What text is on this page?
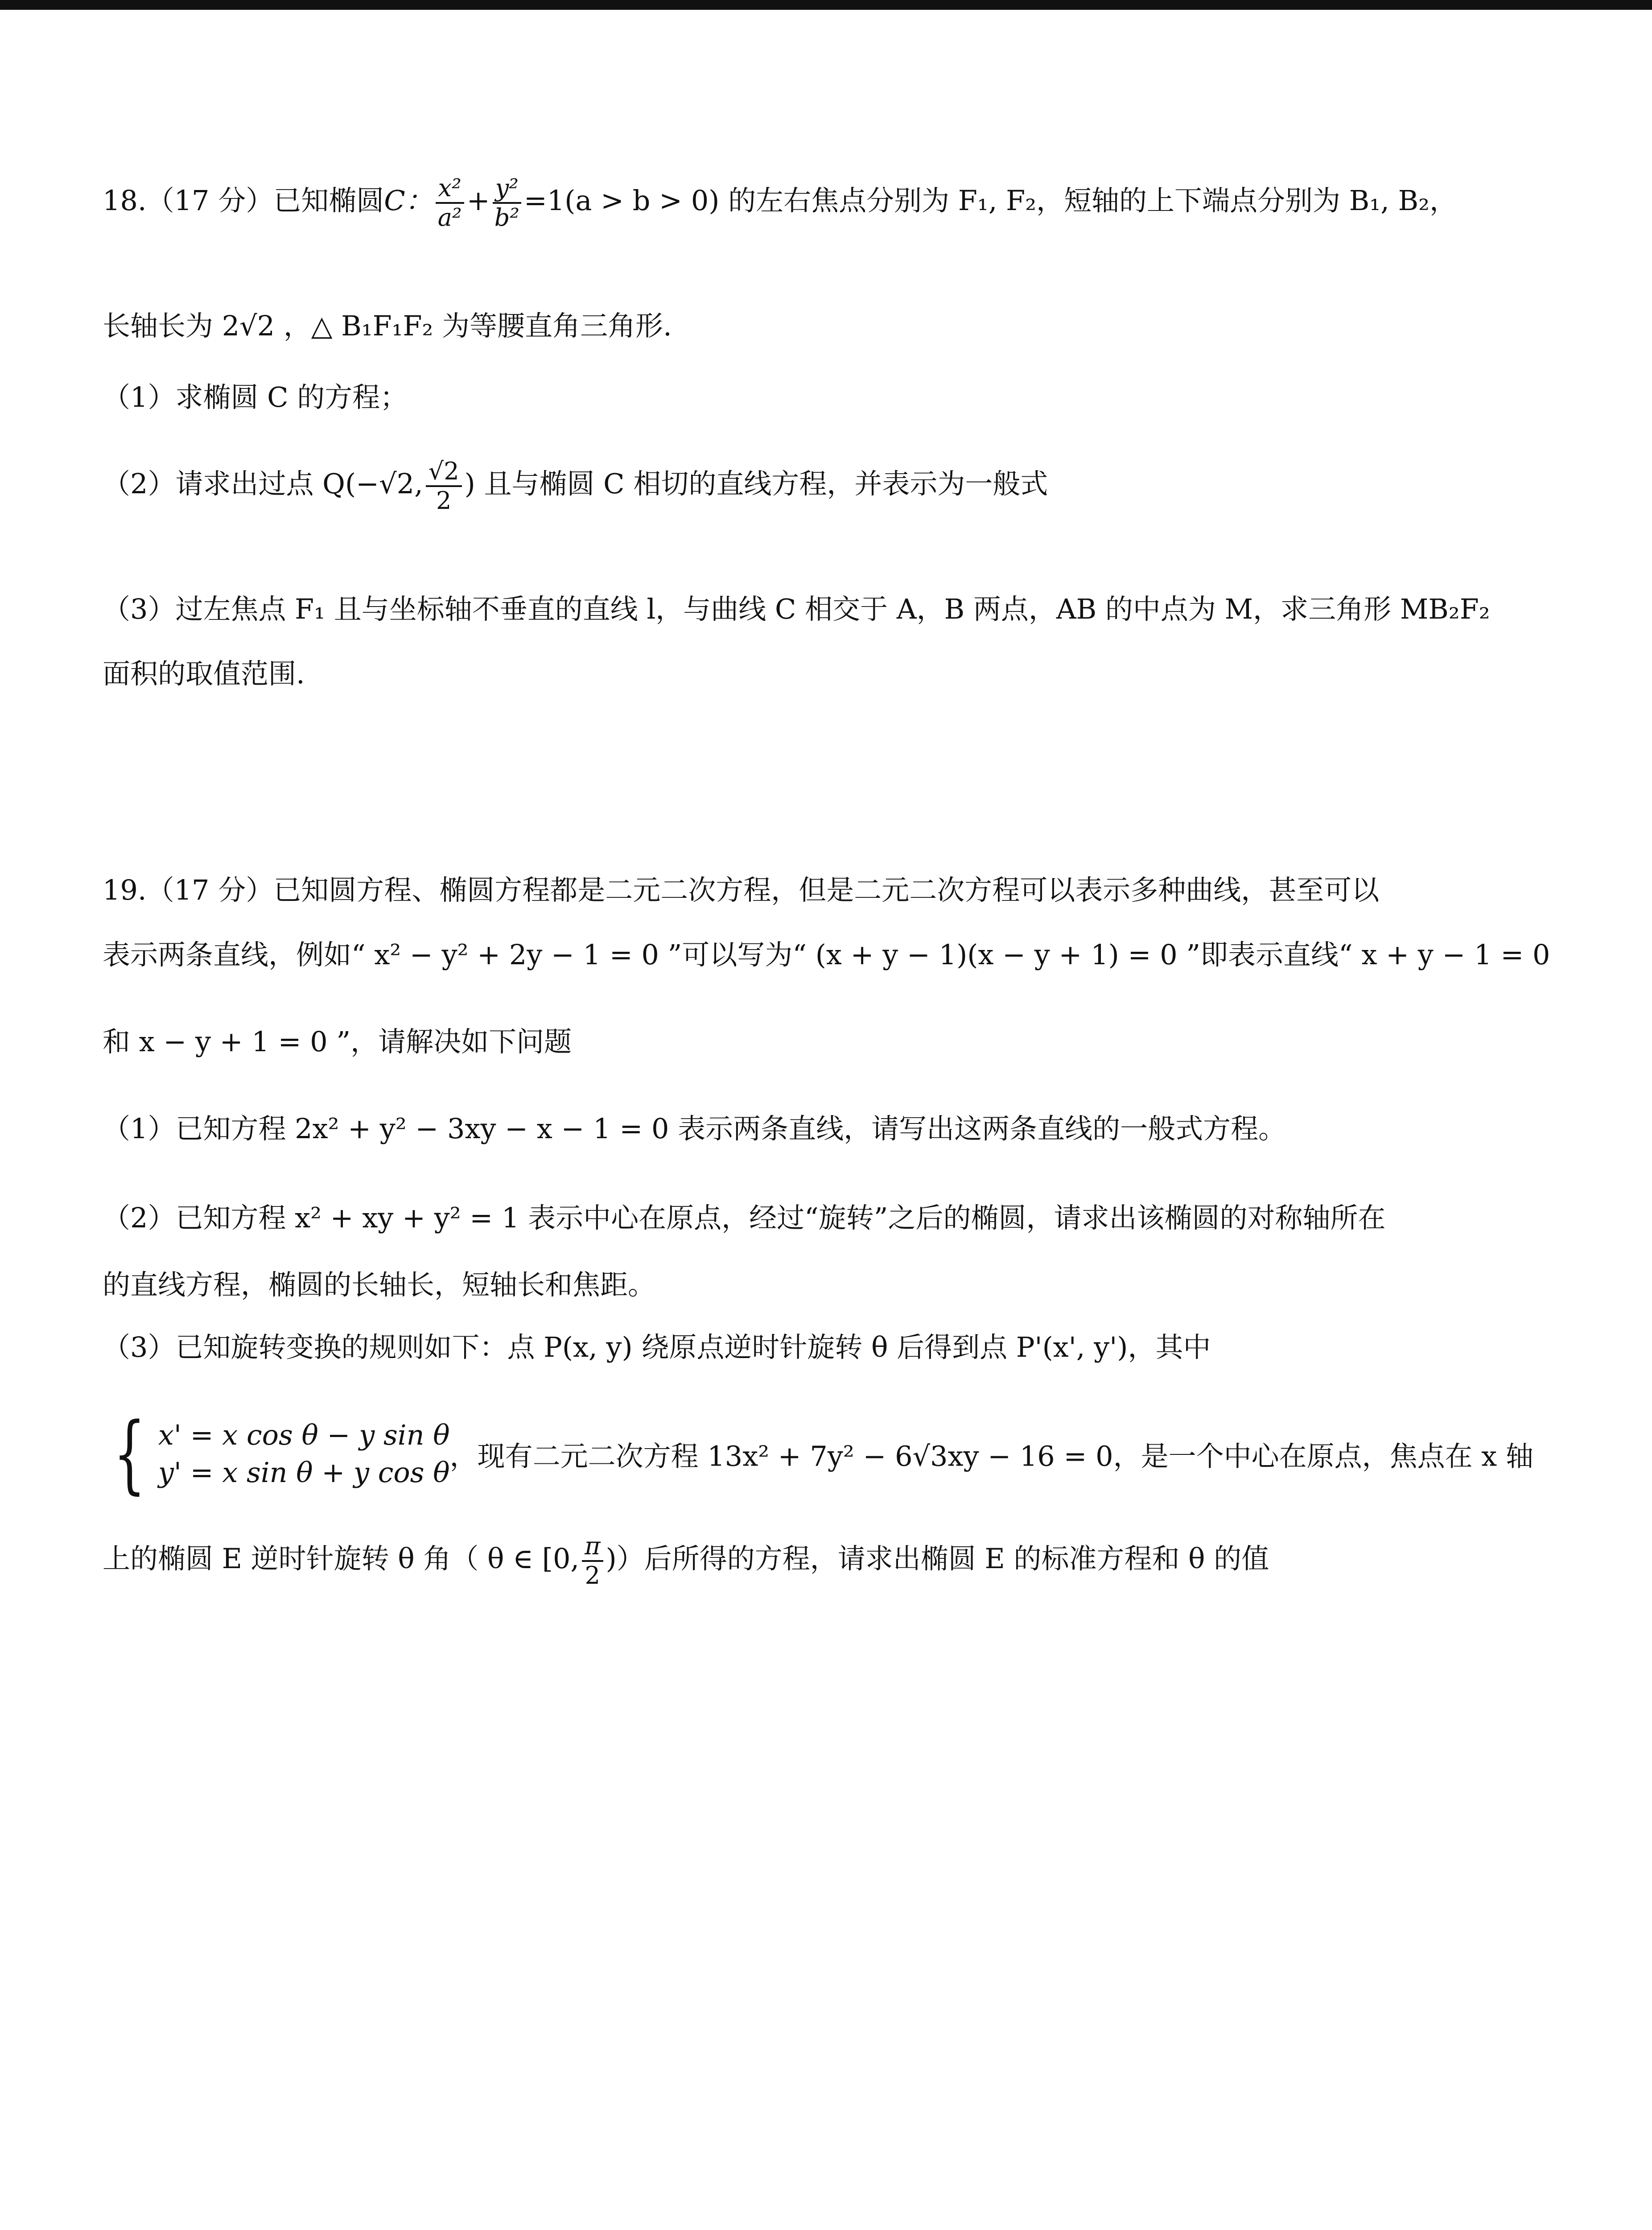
18.（17 分）已知椭圆C： $\frac{\text{x²}}{\text{a²}} + \frac{\text{y²}}{\text{b²}} =1(a > b > 0)$ 的左右焦点分别为 F₁, F₂，短轴的上下端点分别为 B₁, B₂，
长轴长为 2√2 ，△ B₁F₁F₂ 为等腰直角三角形.
（1）求椭圆 C 的方程；
（2）请求出过点 Q(−√2, $\frac{√2}{2}$ ) 且与椭圆 C 相切的直线方程，并表示为一般式
（3）过左焦点 F₁ 且与坐标轴不垂直的直线 l，与曲线 C 相交于 A，B 两点，AB 的中点为 M，求三角形 MB₂F₂
面积的取值范围.
19.（17 分）已知圆方程、椭圆方程都是二元二次方程，但是二元二次方程可以表示多种曲线，甚至可以
表示两条直线，例如“ x² − y² + 2y − 1 = 0 ”可以写为“ (x + y − 1)(x − y + 1) = 0 ”即表示直线“ x + y − 1 = 0
和 x − y + 1 = 0 ”，请解决如下问题
（1）已知方程 2x² + y² − 3xy − x − 1 = 0 表示两条直线，请写出这两条直线的一般式方程。
（2）已知方程 x² + xy + y² = 1 表示中心在原点，经过“旋转”之后的椭圆，请求出该椭圆的对称轴所在
的直线方程，椭圆的长轴长，短轴长和焦距。
（3）已知旋转变换的规则如下：点 P(x, y) 绕原点逆时针旋转 θ 后得到点 P'(x', y')，其中
{ x' = x cos θ − y sin θ
y' = x sin θ + y cos θ ，现有二元二次方程 13x² + 7y² − 6√3xy − 16 = 0，是一个中心在原点，焦点在 x 轴
上的椭圆 E 逆时针旋转 θ 角（ θ ∈ [0, $\frac{\pi}{2}$ )）后所得的方程，请求出椭圆 E 的标准方程和 θ 的值
